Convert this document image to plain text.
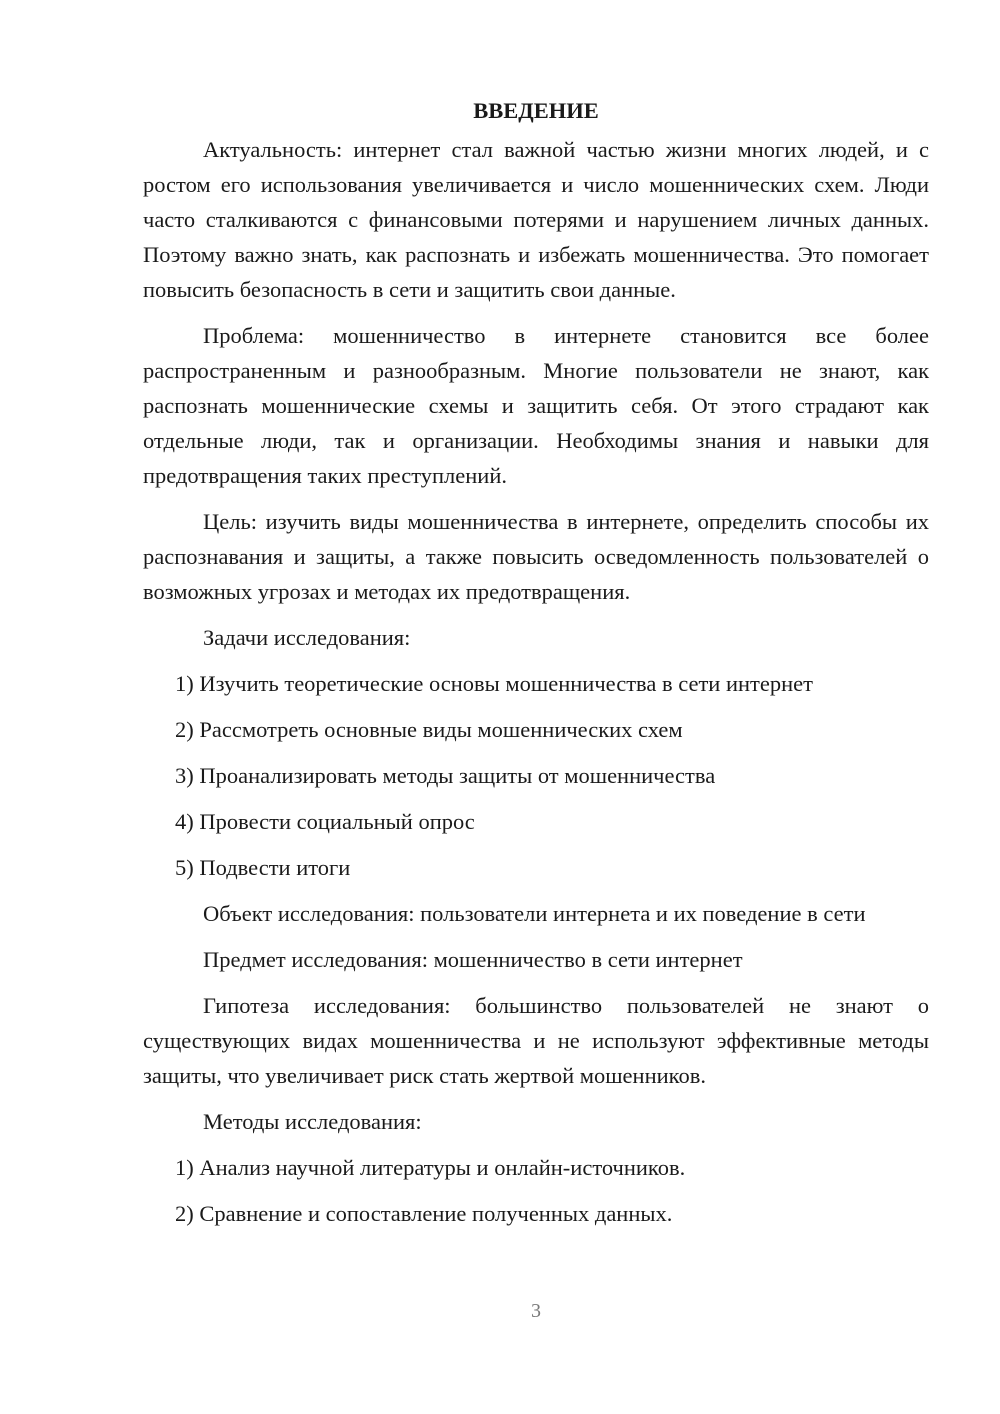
ВВЕДЕНИЕ

Актуальность: интернет стал важной частью жизни многих людей, и с ростом его использования увеличивается и число мошеннических схем. Люди часто сталкиваются с финансовыми потерями и нарушением личных данных. Поэтому важно знать, как распознать и избежать мошенничества. Это помогает повысить безопасность в сети и защитить свои данные.

Проблема: мошенничество в интернете становится все более распространенным и разнообразным. Многие пользователи не знают, как распознать мошеннические схемы и защитить себя. От этого страдают как отдельные люди, так и организации. Необходимы знания и навыки для предотвращения таких преступлений.

Цель: изучить виды мошенничества в интернете, определить способы их распознавания и защиты, а также повысить осведомленность пользователей о возможных угрозах и методах их предотвращения.

Задачи исследования:

1) Изучить теоретические основы мошенничества в сети интернет

2) Рассмотреть основные виды мошеннических схем

3) Проанализировать методы защиты от мошенничества

4) Провести социальный опрос

5) Подвести итоги

Объект исследования: пользователи интернета и их поведение в сети

Предмет исследования: мошенничество в сети интернет

Гипотеза исследования: большинство пользователей не знают о существующих видах мошенничества и не используют эффективные методы защиты, что увеличивает риск стать жертвой мошенников.

Методы исследования:

1) Анализ научной литературы и онлайн-источников.

2) Сравнение и сопоставление полученных данных.

3
